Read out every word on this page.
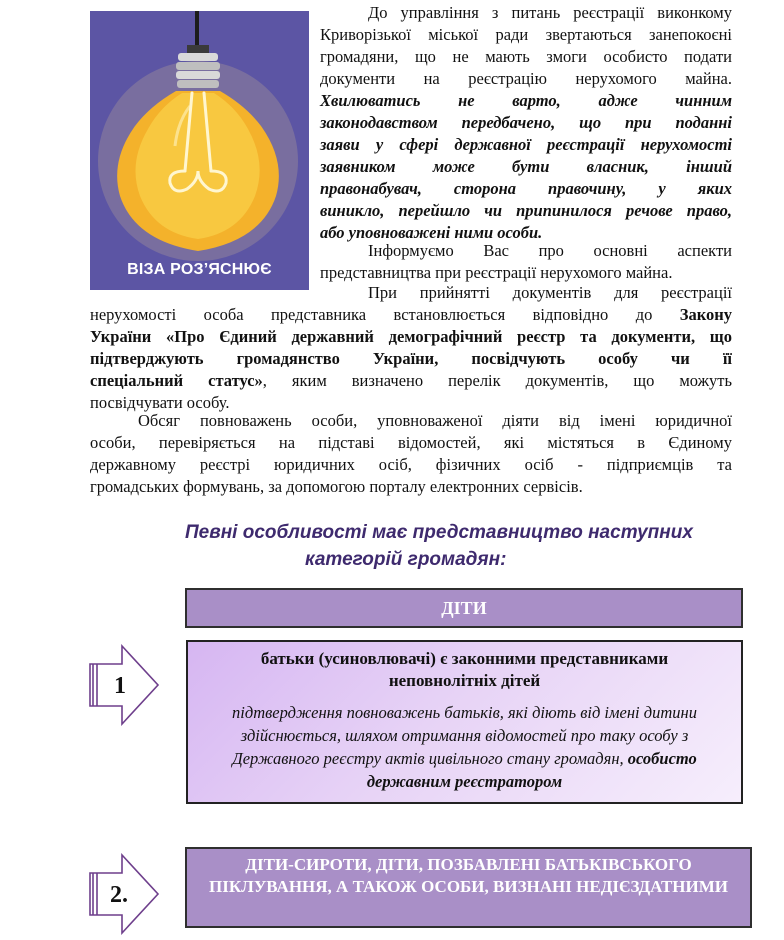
ВІЗА РОЗ’ЯСНЮЄ
До управління з питань реєстрації виконкому
Криворізької міської ради звертаються занепокоєні
громадяни, що не мають змоги особисто подати
документи на реєстрацію нерухомого майна.
Хвилюватись не варто, адже чинним
законодавством передбачено, що при поданні
заяви у сфері державної реєстрації нерухомості
заявником може бути власник, інший
правонабувач, сторона правочину, у яких
виникло, перейшло чи припинилося речове право,
або уповноважені ними особи.
Інформуємо Вас про основні аспекти
представництва при реєстрації нерухомого майна.
При прийнятті документів для реєстрації
нерухомості особа представника встановлюється відповідно до Закону
України «Про Єдиний державний демографічний реєстр та документи, що
підтверджують громадянство України, посвідчують особу чи її
спеціальний статус», яким визначено перелік документів, що можуть
посвідчувати особу.
Обсяг повноважень особи, уповноваженої діяти від імені юридичної
особи, перевіряється на підставі відомостей, які містяться в Єдиному
державному реєстрі юридичних осіб, фізичних осіб - підприємців та
громадських формувань, за допомогою порталу електронних сервісів.
Певні особливості має представництво наступних
категорій громадян:
ДІТИ
1
батьки (усиновлювачі) є законними представниками неповнолітніх дітей
підтвердження повноважень батьків, які діють від імені дитини здійснюється, шляхом отримання відомостей про таку особу з Державного реєстру актів цивільного стану громадян, особисто державним реєстратором
2.
ДІТИ-СИРОТИ, ДІТИ, ПОЗБАВЛЕНІ БАТЬКІВСЬКОГО ПІКЛУВАННЯ, А ТАКОЖ ОСОБИ, ВИЗНАНІ НЕДІЄЗДАТНИМИ
